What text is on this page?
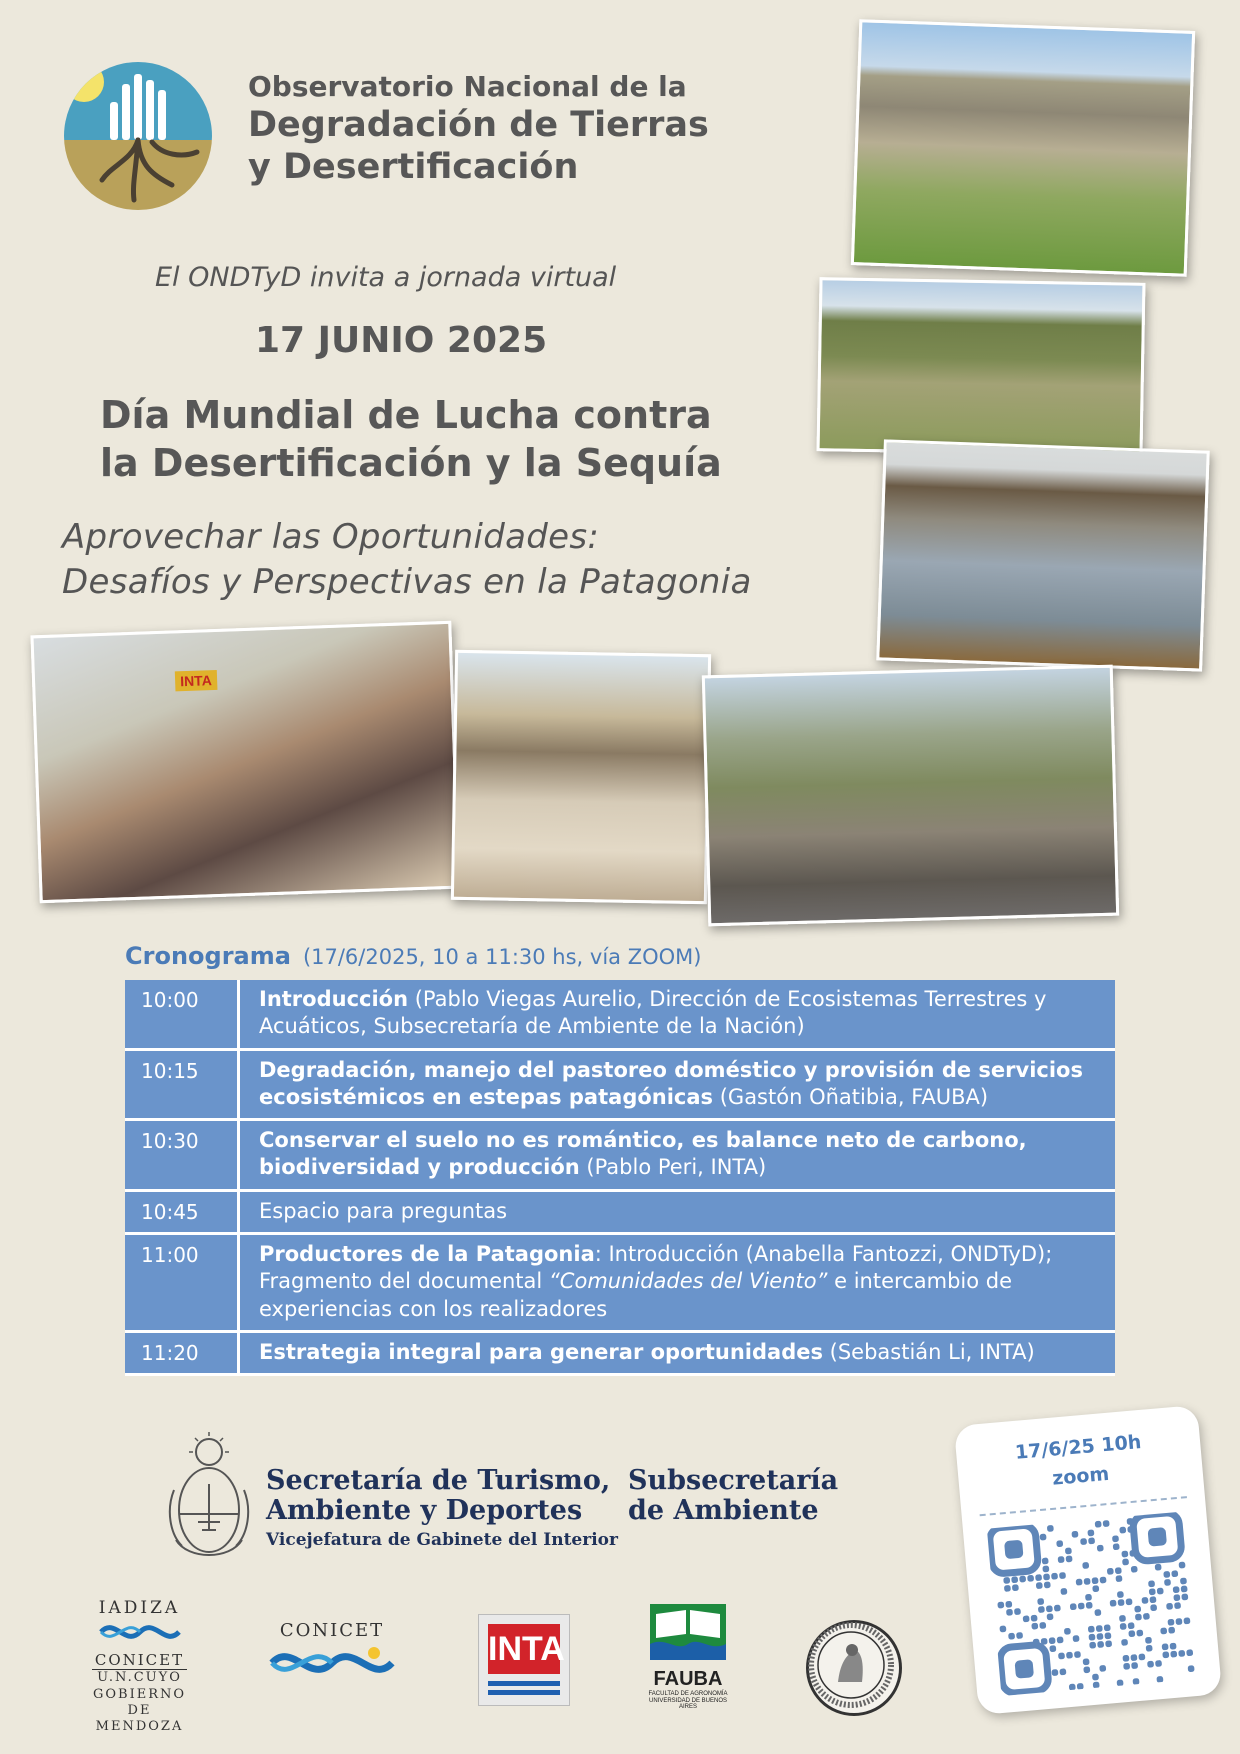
Observatorio Nacional de la
Degradación de Tierras
y Desertificación
El ONDTyD invita a jornada virtual
17 JUNIO 2025
Día Mundial de Lucha contra
la Desertificación y la Sequía
Aprovechar las Oportunidades:
Desafíos y Perspectivas en la Patagonia
INTA
Cronograma (17/6/2025, 10 a 11:30 hs, vía ZOOM)
10:00	Introducción (Pablo Viegas Aurelio, Dirección de Ecosistemas Terrestres y Acuáticos, Subsecretaría de Ambiente de la Nación)
10:15	Degradación, manejo del pastoreo doméstico y provisión de servicios ecosistémicos en estepas patagónicas (Gastón Oñatibia, FAUBA)
10:30	Conservar el suelo no es romántico, es balance neto de carbono, biodiversidad y producción (Pablo Peri, INTA)
10:45	Espacio para preguntas
11:00	Productores de la Patagonia: Introducción (Anabella Fantozzi, ONDTyD); Fragmento del documental “Comunidades del Viento” e intercambio de experiencias con los realizadores
11:20	Estrategia integral para generar oportunidades (Sebastián Li, INTA)
Secretaría de Turismo,
Ambiente y Deportes
Vicejefatura de Gabinete del Interior
Subsecretaría
de Ambiente
17/6/25 10h
zoom
IADIZA
CONICET
U.N.CUYO
GOBIERNO
DE MENDOZA
CONICET	INTA
FAUBA
FACULTAD DE AGRONOMÍA UNIVERSIDAD DE BUENOS AIRES
